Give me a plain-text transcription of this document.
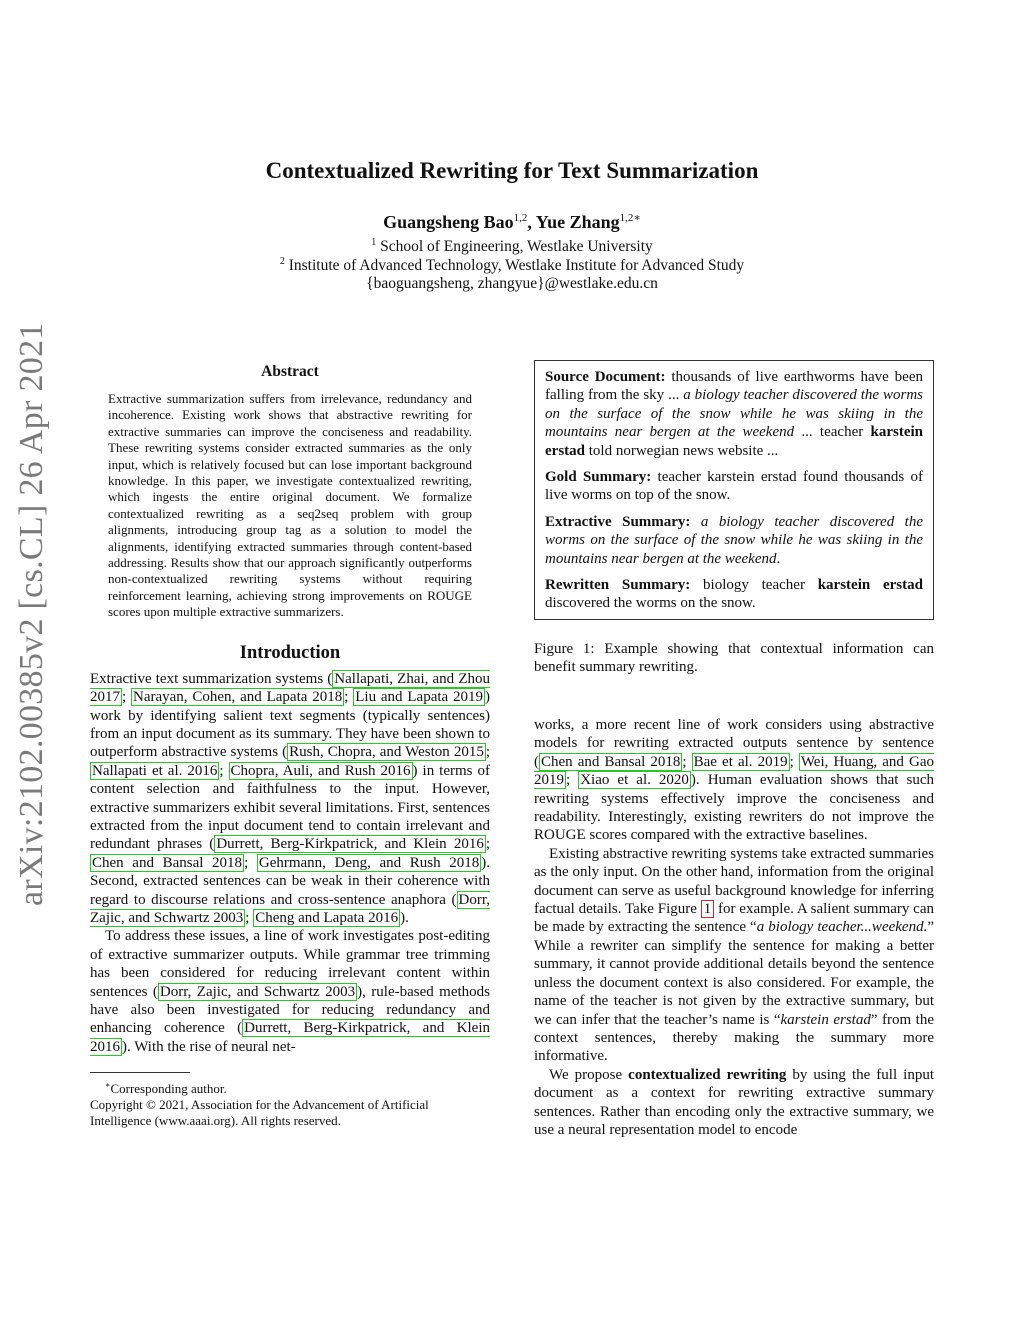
Contextualized Rewriting for Text Summarization
Guangsheng Bao$^{1,2}$, Yue Zhang$^{1,2∗}$
$^1$ School of Engineering, Westlake University
$^2$ Institute of Advanced Technology, Westlake Institute for Advanced Study
{baoguangsheng, zhangyue}@westlake.edu.cn
arXiv:2102.00385v2 [cs.CL] 26 Apr 2021	Abstract

Extractive summarization suffers from irrelevance, redundancy and incoherence. Existing work shows that abstractive rewriting for extractive summaries can improve the conciseness and readability. These rewriting systems consider extracted summaries as the only input, which is relatively focused but can lose important background knowledge. In this paper, we investigate contextualized rewriting, which ingests the entire original document. We formalize contextualized rewriting as a seq2seq problem with group alignments, introducing group tag as a solution to model the alignments, identifying extracted summaries through content-based addressing. Results show that our approach significantly outperforms non-contextualized rewriting systems without requiring reinforcement learning, achieving strong improvements on ROUGE scores upon multiple extractive summarizers.

Introduction

Extractive text summarization systems ( Nallapati, Zhai, and Zhou 2017 ; Narayan, Cohen, and Lapata 2018 ; Liu and Lapata 2019 ) work by identifying salient text segments (typically sentences) from an input document as its summary. They have been shown to outperform abstractive systems ( Rush, Chopra, and Weston 2015 ; Nallapati et al. 2016 ; Chopra, Auli, and Rush 2016 ) in terms of content selection and faithfulness to the input. However, extractive summarizers exhibit several limitations. First, sentences extracted from the input document tend to contain irrelevant and redundant phrases ( Durrett, Berg-Kirkpatrick, and Klein 2016 ; Chen and Bansal 2018 ; Gehrmann, Deng, and Rush 2018 ). Second, extracted sentences can be weak in their coherence with regard to discourse relations and cross-sentence anaphora ( Dorr, Zajic, and Schwartz 2003 ; Cheng and Lapata 2016 ).

To address these issues, a line of work investigates post-editing of extractive summarizer outputs. While grammar tree trimming has been considered for reducing irrelevant content within sentences ( Dorr, Zajic, and Schwartz 2003 ), rule-based methods have also been investigated for reducing redundancy and enhancing coherence ( Durrett, Berg-Kirkpatrick, and Klein 2016 ). With the rise of neural net-

∗Corresponding author.

Copyright © 2021, Association for the Advancement of Artificial Intelligence (www.aaai.org). All rights reserved.

Source Document: thousands of live earthworms have been falling from the sky ... a biology teacher discovered the worms on the surface of the snow while he was skiing in the mountains near bergen at the weekend ... teacher karstein erstad told norwegian news website ...

Gold Summary: teacher karstein erstad found thousands of live worms on top of the snow.

Extractive Summary: a biology teacher discovered the worms on the surface of the snow while he was skiing in the mountains near bergen at the weekend.

Rewritten Summary: biology teacher karstein erstad discovered the worms on the snow.

Figure 1: Example showing that contextual information can benefit summary rewriting.

works, a more recent line of work considers using abstractive models for rewriting extracted outputs sentence by sentence ( Chen and Bansal 2018 ; Bae et al. 2019 ; Wei, Huang, and Gao 2019 ; Xiao et al. 2020 ). Human evaluation shows that such rewriting systems effectively improve the conciseness and readability. Interestingly, existing rewriters do not improve the ROUGE scores compared with the extractive baselines.

Existing abstractive rewriting systems take extracted summaries as the only input. On the other hand, information from the original document can serve as useful background knowledge for inferring factual details. Take Figure 1 for example. A salient summary can be made by extracting the sentence “a biology teacher...weekend.” While a rewriter can simplify the sentence for making a better summary, it cannot provide additional details beyond the sentence unless the document context is also considered. For example, the name of the teacher is not given by the extractive summary, but we can infer that the teacher’s name is “karstein erstad” from the context sentences, thereby making the summary more informative.

We propose contextualized rewriting by using the full input document as a context for rewriting extractive summary sentences. Rather than encoding only the extractive summary, we use a neural representation model to encode
